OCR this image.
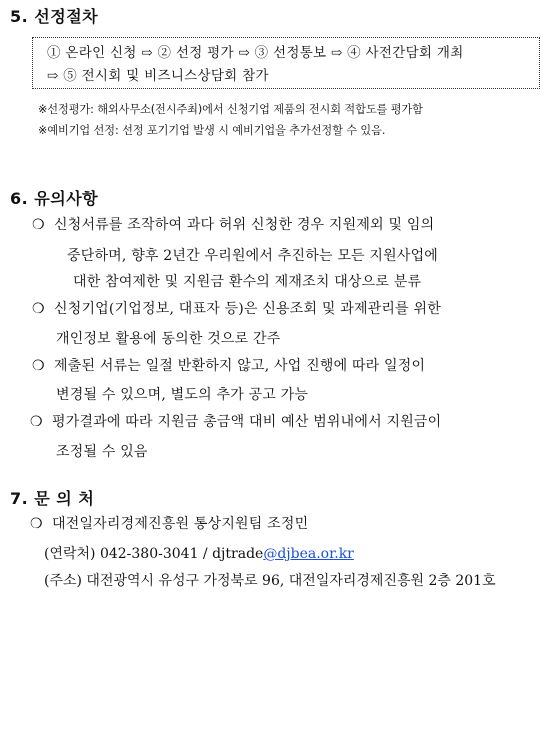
5. 선정절차
① 온라인 신청 ⇨ ② 선정 평가 ⇨ ③ 선정통보 ⇨ ④ 사전간담회 개최
⇨ ⑤ 전시회 및 비즈니스상담회 참가
※선정평가: 해외사무소(전시주최)에서 신청기업 제품의 전시회 적합도를 평가함
※예비기업 선정: 선정 포기기업 발생 시 예비기업을 추가선정할 수 있음.
6. 유의사항
❍ 신청서류를 조작하여 과다 허위 신청한 경우 지원제외 및 임의
중단하며, 향후 2년간 우리원에서 추진하는 모든 지원사업에
대한 참여제한 및 지원금 환수의 제재조치 대상으로 분류
❍ 신청기업(기업정보, 대표자 등)은 신용조회 및 과제관리를 위한
개인정보 활용에 동의한 것으로 간주
❍ 제출된 서류는 일절 반환하지 않고, 사업 진행에 따라 일정이
변경될 수 있으며, 별도의 추가 공고 가능
❍ 평가결과에 따라 지원금 총금액 대비 예산 범위내에서 지원금이
조정될 수 있음
7. 문 의 처
❍ 대전일자리경제진흥원 통상지원팀 조정민
(연락처) 042-380-3041 / djtrade@djbea.or.kr
(주소) 대전광역시 유성구 가정북로 96, 대전일자리경제진흥원 2층 201호
